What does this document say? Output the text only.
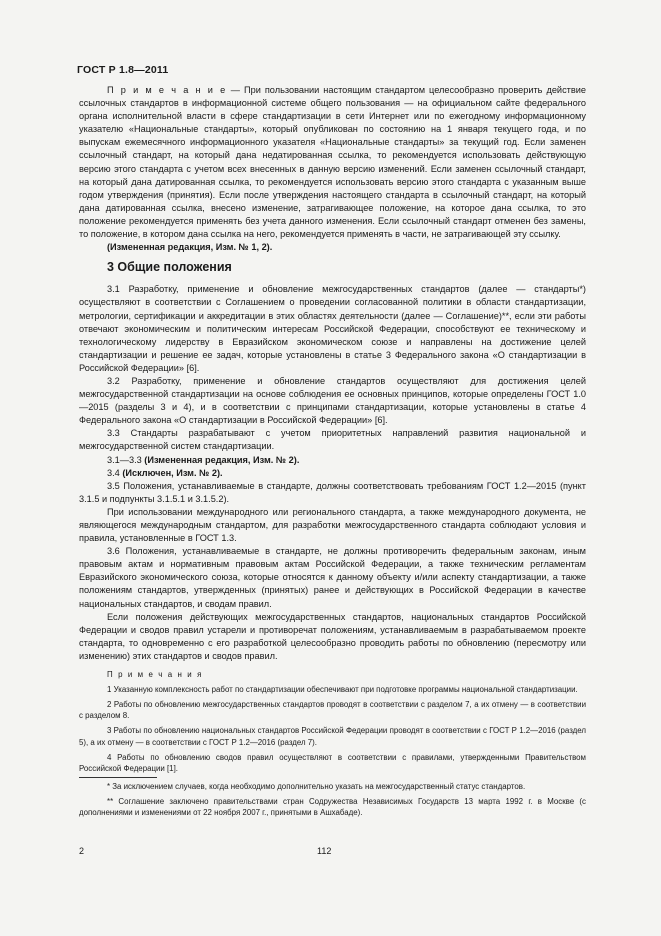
ГОСТ Р 1.8—2011

П р и м е ч а н и е — При пользовании настоящим стандартом целесообразно проверить действие ссылочных стандартов в информационной системе общего пользования — на официальном сайте федерального органа исполнительной власти в сфере стандартизации в сети Интернет или по ежегодному информационному указателю «Национальные стандарты», который опубликован по состоянию на 1 января текущего года, и по выпускам ежемесячного информационного указателя «Национальные стандарты» за текущий год. Если заменен ссылочный стандарт, на который дана недатированная ссылка, то рекомендуется использовать действующую версию этого стандарта с учетом всех внесенных в данную версию изменений. Если заменен ссылочный стандарт, на который дана датированная ссылка, то рекомендуется использовать версию этого стандарта с указанным выше годом утверждения (принятия). Если после утверждения настоящего стандарта в ссылочный стандарт, на который дана датированная ссылка, внесено изменение, затрагивающее положение, на которое дана ссылка, то это положение рекомендуется применять без учета данного изменения. Если ссылочный стандарт отменен без замены, то положение, в котором дана ссылка на него, рекомендуется применять в части, не затрагивающей эту ссылку.

(Измененная редакция, Изм. № 1, 2).

3 Общие положения

3.1 Разработку, применение и обновление межгосударственных стандартов (далее — стандарты*) осуществляют в соответствии с Соглашением о проведении согласованной политики в области стандартизации, метрологии, сертификации и аккредитации в этих областях деятельности (далее — Соглашение)**, если эти работы отвечают экономическим и политическим интересам Российской Федерации, способствуют ее техническому и технологическому лидерству в Евразийском экономическом союзе и направлены на достижение целей стандартизации и решение ее задач, которые установлены в статье 3 Федерального закона «О стандартизации в Российской Федерации» [6].

3.2 Разработку, применение и обновление стандартов осуществляют для достижения целей межгосударственной стандартизации на основе соблюдения ее основных принципов, которые определены ГОСТ 1.0—2015 (разделы 3 и 4), и в соответствии с принципами стандартизации, которые установлены в статье 4 Федерального закона «О стандартизации в Российской Федерации» [6].

3.3 Стандарты разрабатывают с учетом приоритетных направлений развития национальной и межгосударственной систем стандартизации.

3.1—3.3 (Измененная редакция, Изм. № 2).

3.4 (Исключен, Изм. № 2).

3.5 Положения, устанавливаемые в стандарте, должны соответствовать требованиям ГОСТ 1.2—2015 (пункт 3.1.5 и подпункты 3.1.5.1 и 3.1.5.2).

При использовании международного или регионального стандарта, а также международного документа, не являющегося международным стандартом, для разработки межгосударственного стандарта соблюдают условия и правила, установленные в ГОСТ 1.3.

3.6 Положения, устанавливаемые в стандарте, не должны противоречить федеральным законам, иным правовым актам и нормативным правовым актам Российской Федерации, а также техническим регламентам Евразийского экономического союза, которые относятся к данному объекту и/или аспекту стандартизации, а также положениям стандартов, утвержденных (принятых) ранее и действующих в Российской Федерации в качестве национальных стандартов, и сводам правил.

Если положения действующих межгосударственных стандартов, национальных стандартов Российской Федерации и сводов правил устарели и противоречат положениям, устанавливаемым в разрабатываемом проекте стандарта, то одновременно с его разработкой целесообразно проводить работы по обновлению (пересмотру или изменению) этих стандартов и сводов правил.

П р и м е ч а н и я

1 Указанную комплексность работ по стандартизации обеспечивают при подготовке программы национальной стандартизации.

2 Работы по обновлению межгосударственных стандартов проводят в соответствии с разделом 7, а их отмену — в соответствии с разделом 8.

3 Работы по обновлению национальных стандартов Российской Федерации проводят в соответствии с ГОСТ Р 1.2—2016 (раздел 5), а их отмену — в соответствии с ГОСТ Р 1.2—2016 (раздел 7).

4 Работы по обновлению сводов правил осуществляют в соответствии с правилами, утвержденными Правительством Российской Федерации [1].

* За исключением случаев, когда необходимо дополнительно указать на межгосударственный статус стандартов.

** Соглашение заключено правительствами стран Содружества Независимых Государств 13 марта 1992 г. в Москве (с дополнениями и изменениями от 22 ноября 2007 г., принятыми в Ашхабаде).

2	112
